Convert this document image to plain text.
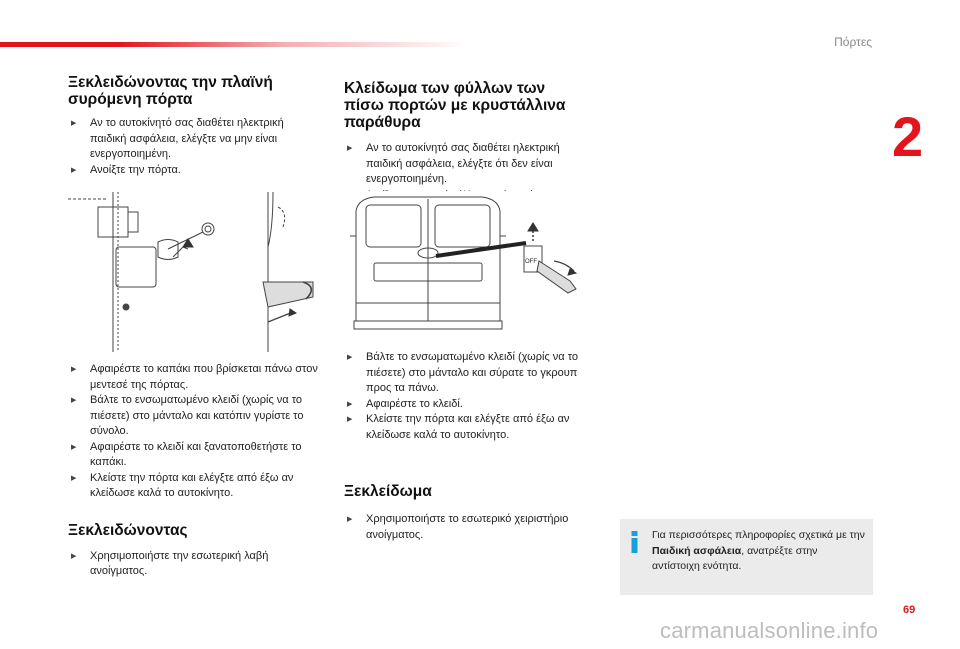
Πόρτες
2
Ξεκλειδώνοντας την πλαϊνή συρόμενη πόρτα
▶ Αν το αυτοκίνητό σας διαθέτει ηλεκτρική παιδική ασφάλεια, ελέγξτε να μην είναι ενεργοποιημένη.
▶ Ανοίξτε την πόρτα.
▶ Αφαιρέστε το καπάκι που βρίσκεται πάνω στον μεντεσέ της πόρτας.
▶ Βάλτε το ενσωματωμένο κλειδί (χωρίς να το πιέσετε) στο μάνταλο και κατόπιν γυρίστε το σύνολο.
▶ Αφαιρέστε το κλειδί και ξανατοποθετήστε το καπάκι.
▶ Κλείστε την πόρτα και ελέγξτε από έξω αν κλείδωσε καλά το αυτοκίνητο.
Ξεκλειδώνοντας
▶ Χρησιμοποιήστε την εσωτερική λαβή ανοίγματος.
Κλείδωμα των φύλλων των πίσω πορτών με κρυστάλλινα παράθυρα
▶ Αν το αυτοκίνητό σας διαθέτει ηλεκτρική παιδική ασφάλεια, ελέγξτε ότι δεν είναι ενεργοποιημένη.
▶ Ανοίξτε το αριστερό φύλλο της πίσω πόρτας.
OFF
▶ Βάλτε το ενσωματωμένο κλειδί (χωρίς να το πιέσετε) στο μάνταλο και σύρατε το γκρουπ προς τα πάνω.
▶ Αφαιρέστε το κλειδί.
▶ Κλείστε την πόρτα και ελέγξτε από έξω αν κλείδωσε καλά το αυτοκίνητο.
Ξεκλείδωμα
▶ Χρησιμοποιήστε το εσωτερικό χειριστήριο ανοίγματος.	Για περισσότερες πληροφορίες σχετικά με την Παιδική ασφάλεια, ανατρέξτε στην αντίστοιχη ενότητα.
69
carmanualsonline.info
